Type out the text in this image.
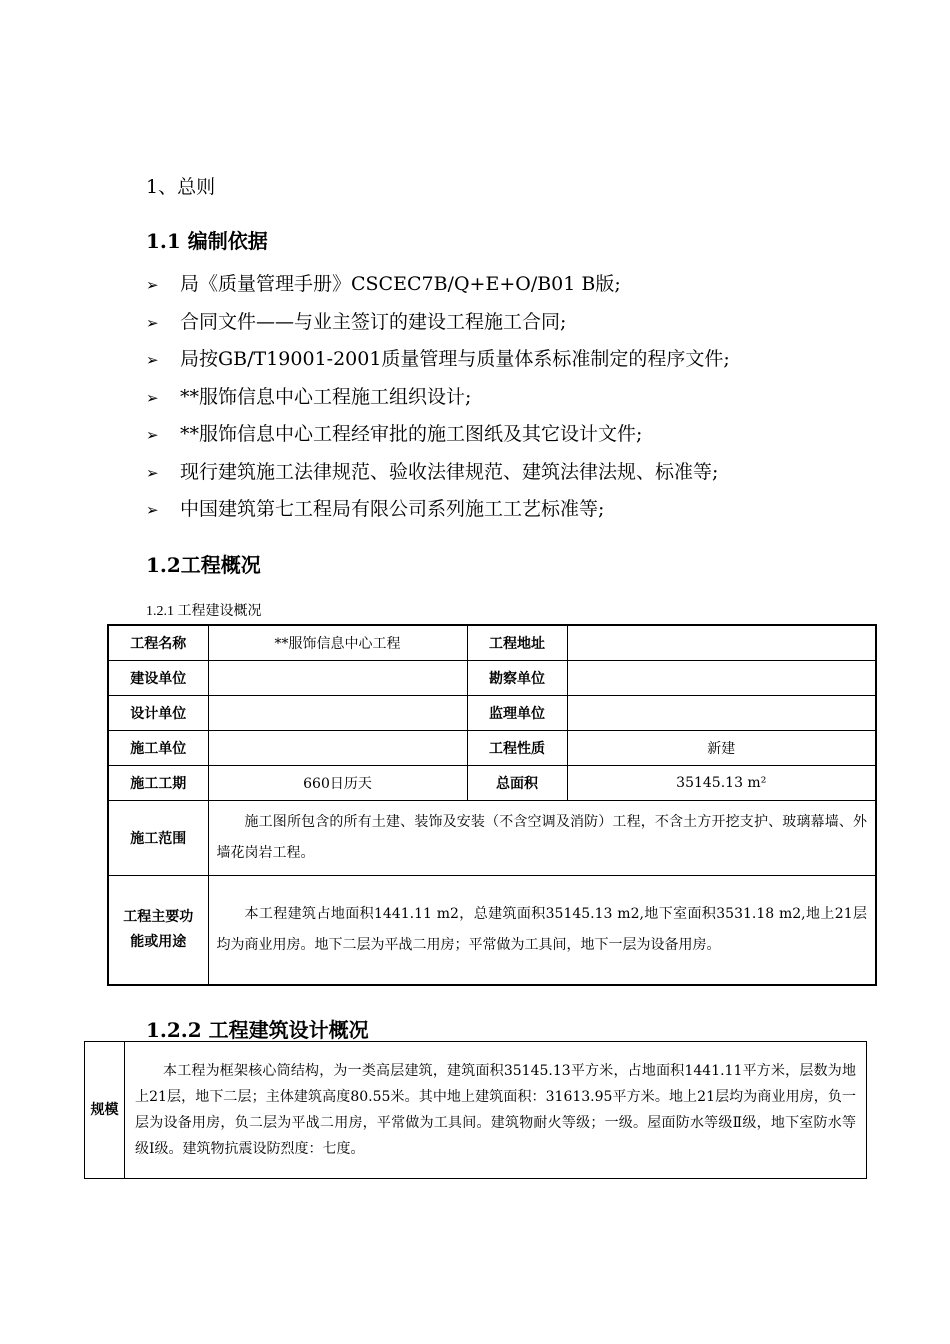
1、总则
1.1 编制依据
➢ 局《质量管理手册》CSCEC7B/Q+E+O/B01 B版;
➢ 合同文件——与业主签订的建设工程施工合同;
➢ 局按GB/T19001-2001质量管理与质量体系标准制定的程序文件;
➢ **服饰信息中心工程施工组织设计;
➢ **服饰信息中心工程经审批的施工图纸及其它设计文件;
➢ 现行建筑施工法律规范、验收法律规范、建筑法律法规、标准等;
➢ 中国建筑第七工程局有限公司系列施工工艺标准等;
1.2工程概况
1.2.1 工程建设概况
工程名称	**服饰信息中心工程	工程地址	
建设单位		勘察单位	
设计单位		监理单位	
施工单位		工程性质	新建
施工工期	660日历天	总面积	35145.13 m²
施工范围	施工图所包含的所有土建、装饰及安装（不含空调及消防）工程，不含土方开挖支护、玻璃幕墙、外墙花岗岩工程。		
工程主要功能或用途	本工程建筑占地面积1441.11 m2，总建筑面积35145.13 m2,地下室面积3531.18 m2,地上21层均为商业用房。地下二层为平战二用房；平常做为工具间，地下一层为设备用房。		
1.2.2 工程建筑设计概况
规模	本工程为框架核心筒结构，为一类高层建筑，建筑面积35145.13平方米，占地面积1441.11平方米，层数为地上21层，地下二层；主体建筑高度80.55米。其中地上建筑面积：31613.95平方米。地上21层均为商业用房，负一层为设备用房，负二层为平战二用房，平常做为工具间。建筑物耐火等级；一级。屋面防水等级Ⅱ级，地下室防水等级Ⅰ级。建筑物抗震设防烈度：七度。
